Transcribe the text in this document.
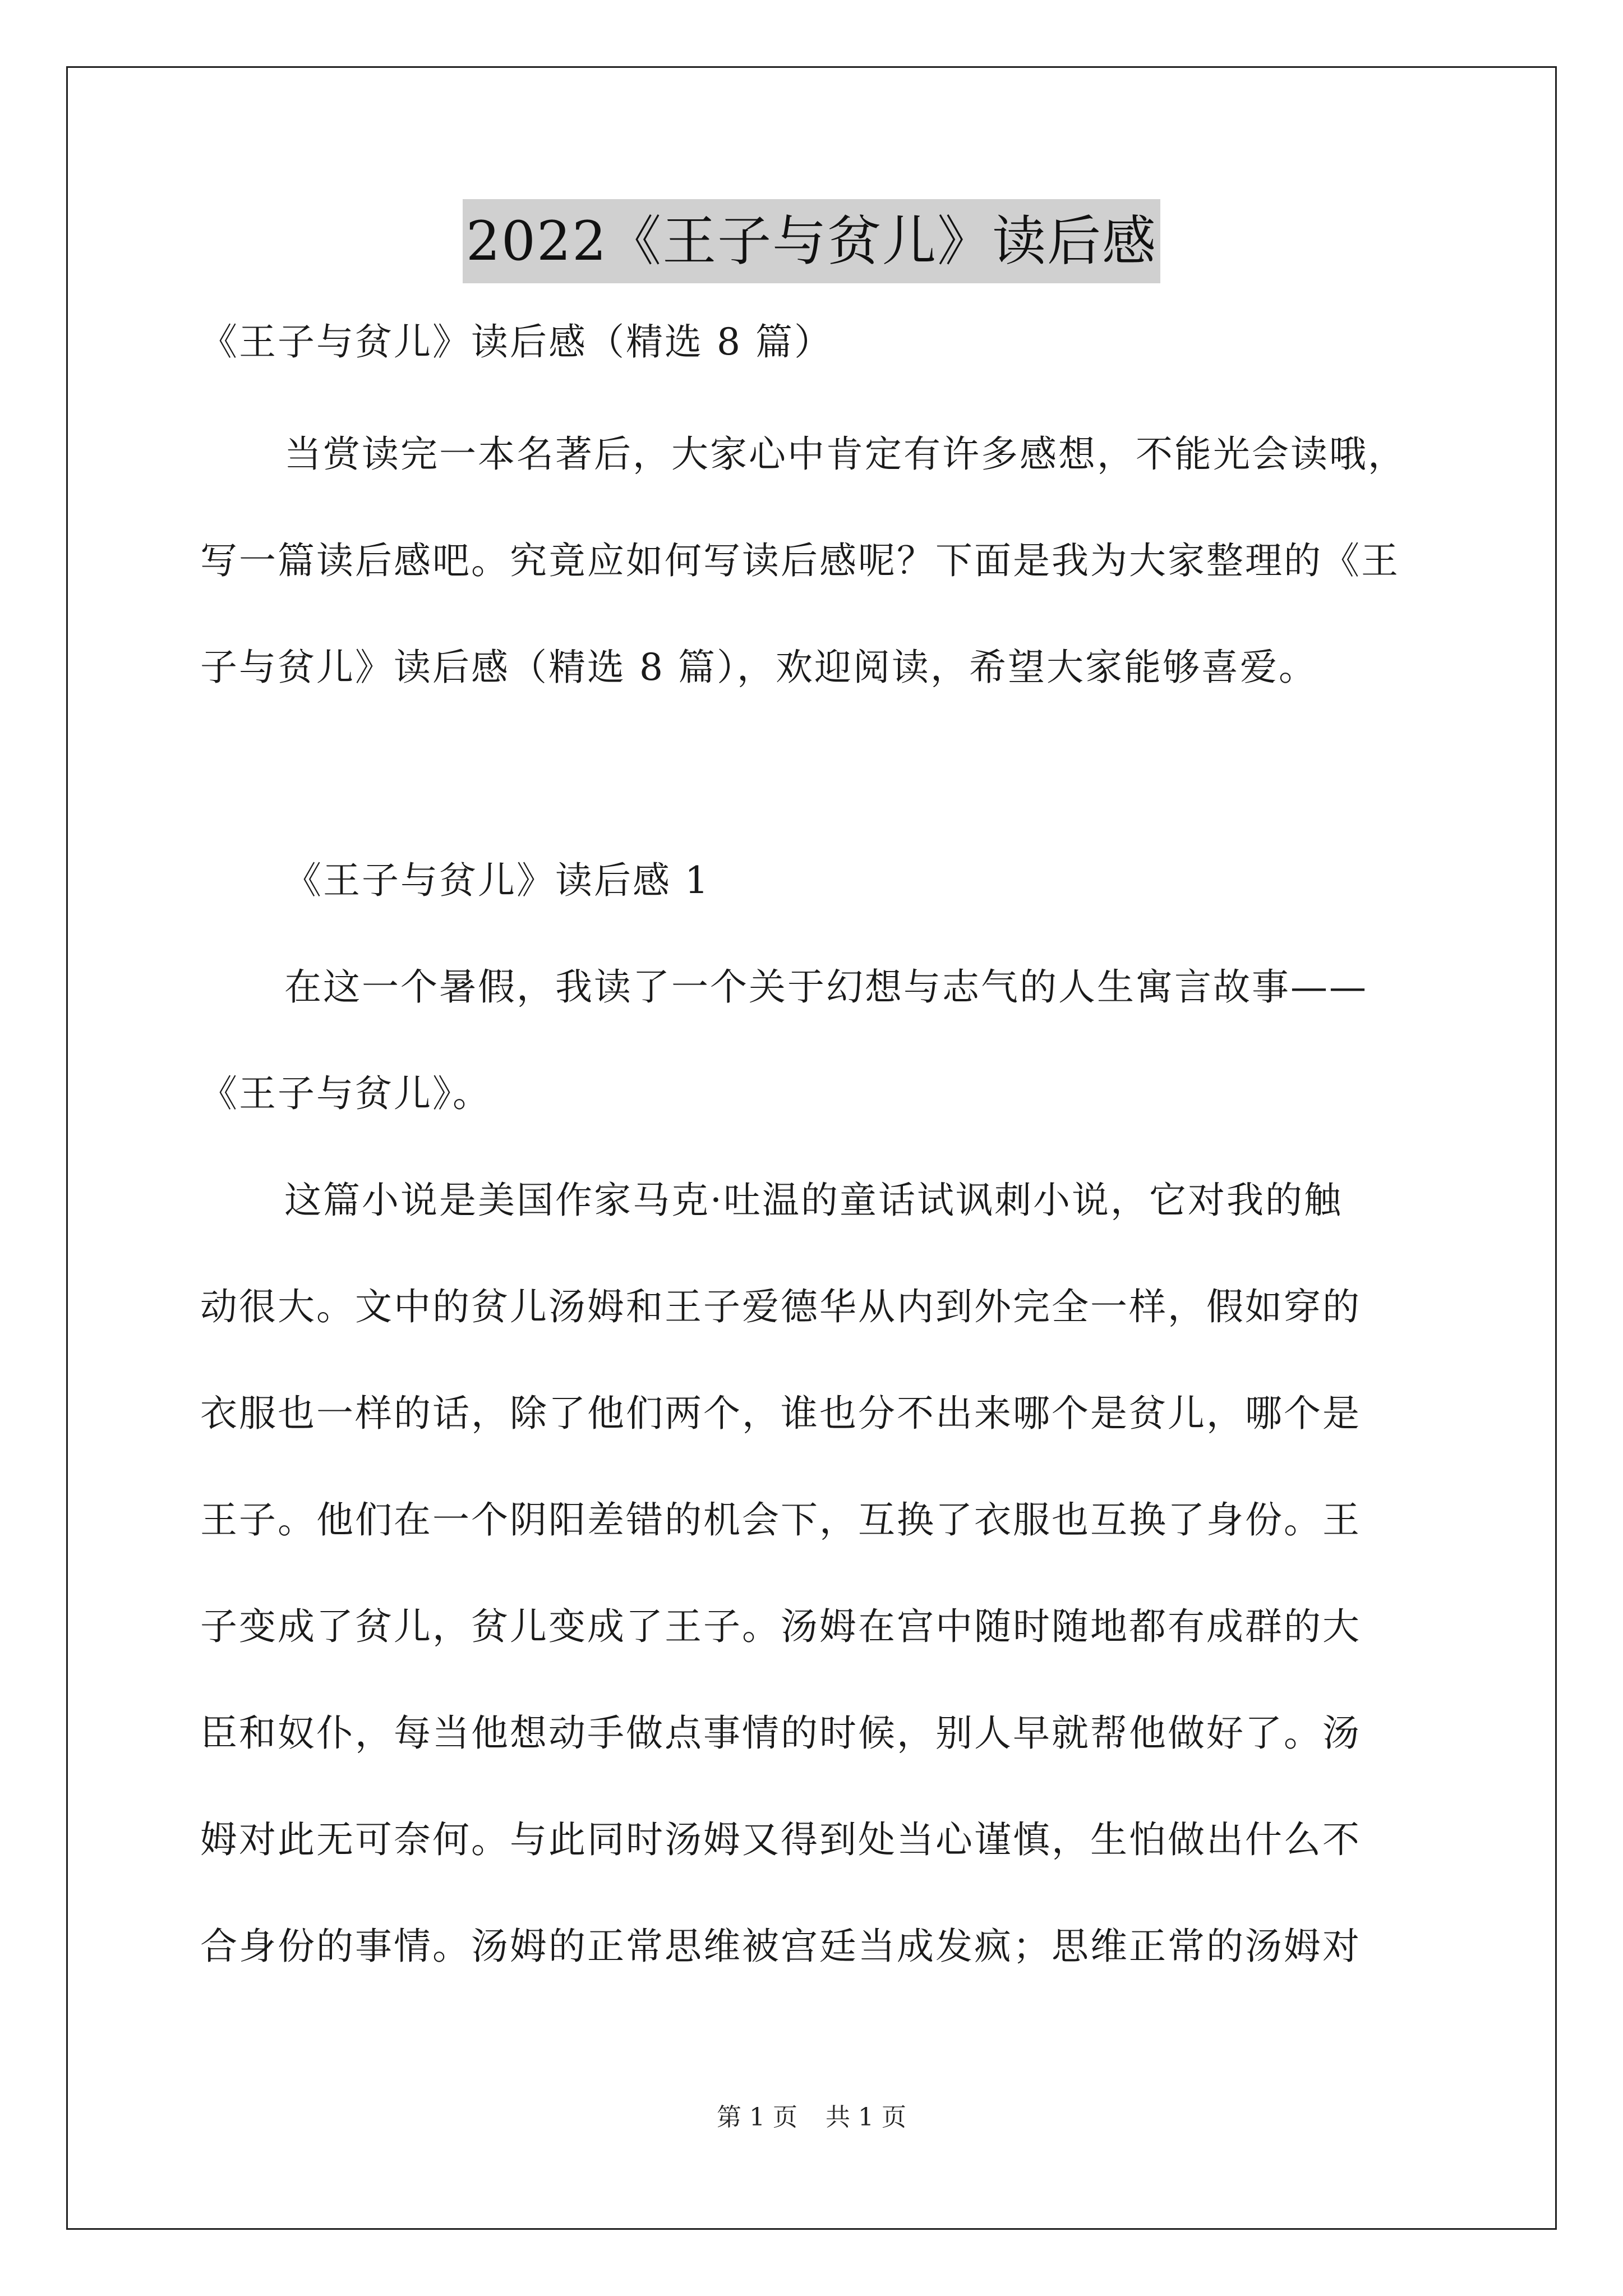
2022《王子与贫儿》读后感
《王子与贫儿》读后感（精选 8 篇）
当赏读完一本名著后，大家心中肯定有许多感想，不能光会读哦，
写一篇读后感吧。究竟应如何写读后感呢？下面是我为大家整理的《王
子与贫儿》读后感（精选 8 篇），欢迎阅读，希望大家能够喜爱。
《王子与贫儿》读后感 1
在这一个暑假，我读了一个关于幻想与志气的人生寓言故事——
《王子与贫儿》。
这篇小说是美国作家马克·吐温的童话试讽刺小说，它对我的触
动很大。文中的贫儿汤姆和王子爱德华从内到外完全一样，假如穿的
衣服也一样的话，除了他们两个，谁也分不出来哪个是贫儿，哪个是
王子。他们在一个阴阳差错的机会下，互换了衣服也互换了身份。王
子变成了贫儿，贫儿变成了王子。汤姆在宫中随时随地都有成群的大
臣和奴仆，每当他想动手做点事情的时候，别人早就帮他做好了。汤
姆对此无可奈何。与此同时汤姆又得到处当心谨慎，生怕做出什么不
合身份的事情。汤姆的正常思维被宫廷当成发疯；思维正常的汤姆对
第 1 页 共 1 页
